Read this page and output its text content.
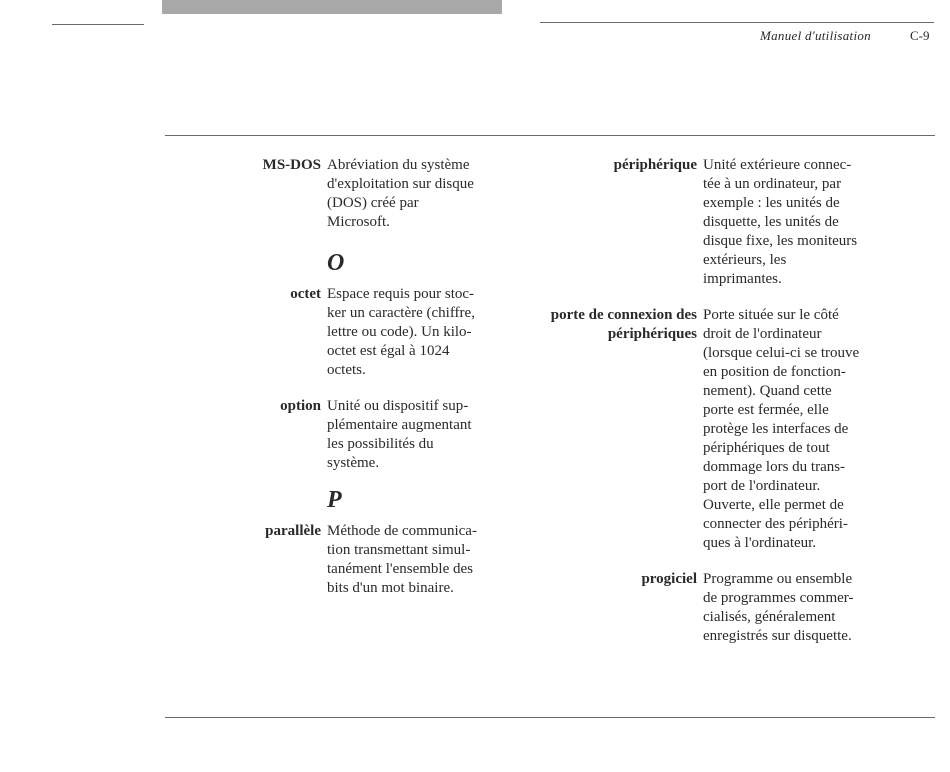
Manuel d'utilisation	C-9
MS-DOS Abréviation du système
d'exploitation sur disque
(DOS) créé par
Microsoft.
O
octet Espace requis pour stoc-
ker un caractère (chiffre,
lettre ou code). Un kilo-
octet est égal à 1024
octets.
option Unité ou dispositif sup-
plémentaire augmentant
les possibilités du
système.
P
parallèle Méthode de communica-
tion transmettant simul-
tanément l'ensemble des
bits d'un mot binaire.
périphérique Unité extérieure connec-
tée à un ordinateur, par
exemple : les unités de
disquette, les unités de
disque fixe, les moniteurs
extérieurs, les
imprimantes.
porte de connexion des
périphériques
Porte située sur le côté
droit de l'ordinateur
(lorsque celui-ci se trouve
en position de fonction-
nement). Quand cette
porte est fermée, elle
protège les interfaces de
périphériques de tout
dommage lors du trans-
port de l'ordinateur.
Ouverte, elle permet de
connecter des périphéri-
ques à l'ordinateur.
progiciel Programme ou ensemble
de programmes commer-
cialisés, généralement
enregistrés sur disquette.
